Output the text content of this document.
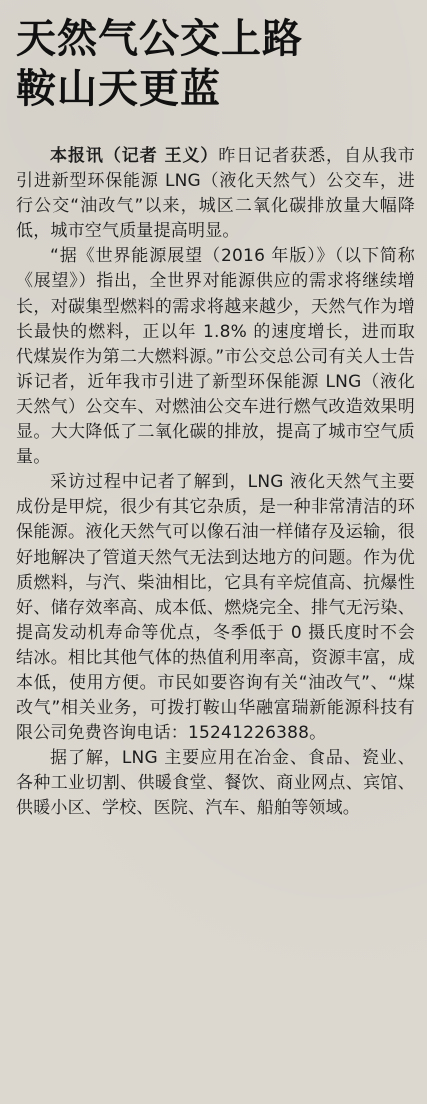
天然气公交上路
鞍山天更蓝

本报讯（记者 王义）昨日记者获悉，自从我市引进新型环保能源 LNG（液化天然气）公交车，进行公交“油改气”以来，城区二氧化碳排放量大幅降低，城市空气质量提高明显。

“据《世界能源展望（2016 年版）》（以下简称《展望》）指出，全世界对能源供应的需求将继续增长，对碳集型燃料的需求将越来越少，天然气作为增长最快的燃料，正以年 1.8% 的速度增长，进而取代煤炭作为第二大燃料源。”市公交总公司有关人士告诉记者，近年我市引进了新型环保能源 LNG（液化天然气）公交车、对燃油公交车进行燃气改造效果明显。大大降低了二氧化碳的排放，提高了城市空气质量。

采访过程中记者了解到，LNG 液化天然气主要成份是甲烷，很少有其它杂质，是一种非常清洁的环保能源。液化天然气可以像石油一样储存及运输，很好地解决了管道天然气无法到达地方的问题。作为优质燃料，与汽、柴油相比，它具有辛烷值高、抗爆性好、储存效率高、成本低、燃烧完全、排气无污染、提高发动机寿命等优点，冬季低于 0 摄氏度时不会结冰。相比其他气体的热值利用率高，资源丰富，成本低，使用方便。市民如要咨询有关“油改气”、“煤改气”相关业务，可拨打鞍山华融富瑞新能源科技有限公司免费咨询电话：15241226388。

据了解，LNG 主要应用在冶金、食品、瓷业、各种工业切割、供暖食堂、餐饮、商业网点、宾馆、供暖小区、学校、医院、汽车、船舶等领域。
